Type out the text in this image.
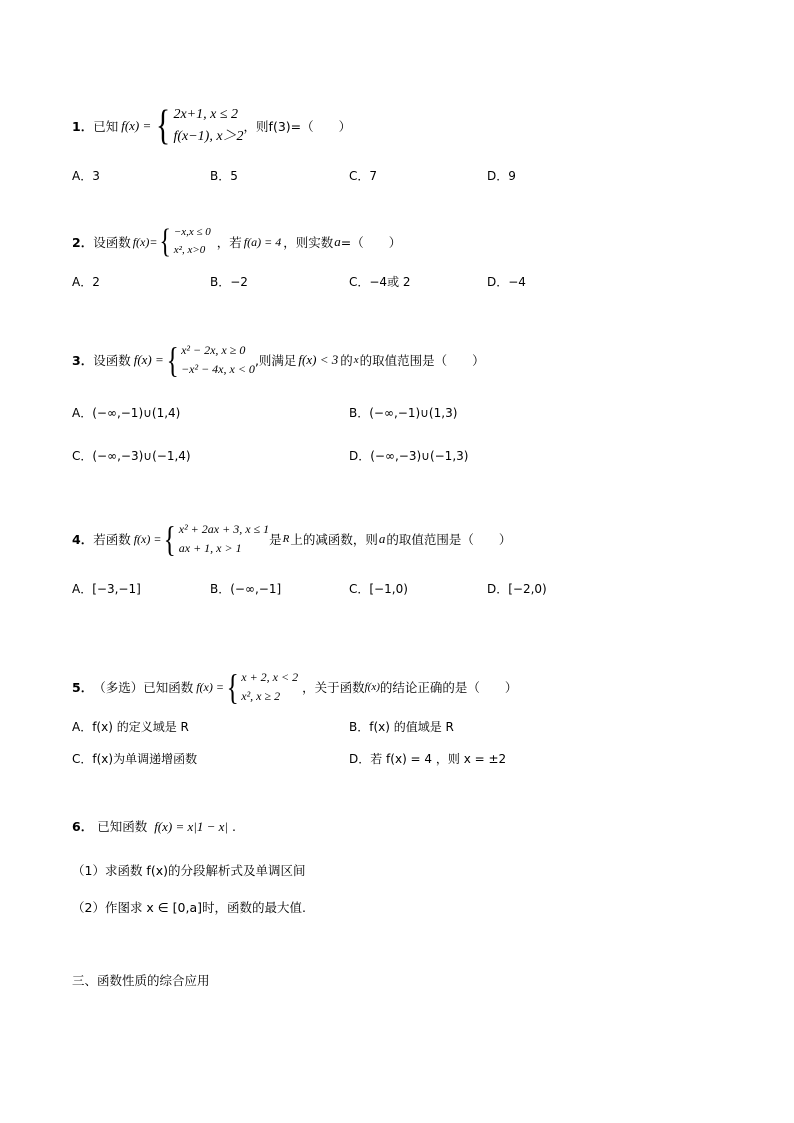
1． 已知 f(x) = { 2x+1, x ≤ 2
f(x−1), x＞2
，则f(3)=（　　）
A．3	B．5	C．7	D．9
2． 设函数 f(x)= { −x,x ≤ 0
x², x>0 ，若 f(a) = 4 ，则实数 a =（　　）
A．2	B．−2	C．−4或 2	D．−4
3． 设函数 f(x) = { x² − 2x, x ≥ 0
−x² − 4x, x < 0
,则满足 f(x) < 3 的 x 的取值范围是（　　）
A．(−∞,−1)∪(1,4)	B．(−∞,−1)∪(1,3)
C．(−∞,−3)∪(−1,4)	D．(−∞,−3)∪(−1,3)
4． 若函数 f(x) = { x² + 2ax + 3, x ≤ 1
ax + 1, x > 1
是 R 上的减函数，则 a 的取值范围是（　　）
A．[−3,−1]	B．(−∞,−1]	C．[−1,0)	D．[−2,0)
5． （多选）已知函数 f(x) = { x + 2, x < 2
x², x ≥ 2
，关于函数 f(x) 的结论正确的是（　　）
A．f(x) 的定义域是 R	B．f(x) 的值域是 R
C．f(x)为单调递增函数	D．若 f(x) = 4 ，则 x = ±2
6． 已知函数 f(x) = x|1 − x| .
（1）求函数 f(x)的分段解析式及单调区间
（2）作图求 x ∈ [0,a]时，函数的最大值.
三、函数性质的综合应用
